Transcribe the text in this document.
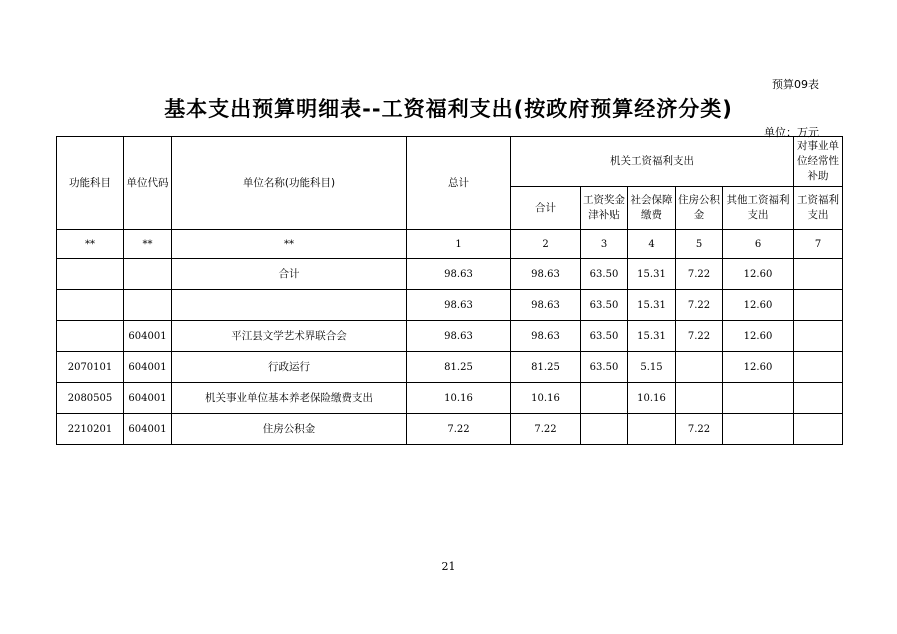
预算09表
基本支出预算明细表--工资福利支出(按政府预算经济分类)
单位：万元
功能科目	单位代码	单位名称(功能科目)	总计	机关工资福利支出					对事业单位经常性补助
				合计	工资奖金津补贴	社会保障缴费	住房公积金	其他工资福利支出	工资福利支出
**	**	**	1	2	3	4	5	6	7
		合计	98.63	98.63	63.50	15.31	7.22	12.60	
			98.63	98.63	63.50	15.31	7.22	12.60	
	604001	平江县文学艺术界联合会	98.63	98.63	63.50	15.31	7.22	12.60	
2070101	604001	行政运行	81.25	81.25	63.50	5.15		12.60	
2080505	604001	机关事业单位基本养老保险缴费支出	10.16	10.16		10.16			
2210201	604001	住房公积金	7.22	7.22			7.22		
21
